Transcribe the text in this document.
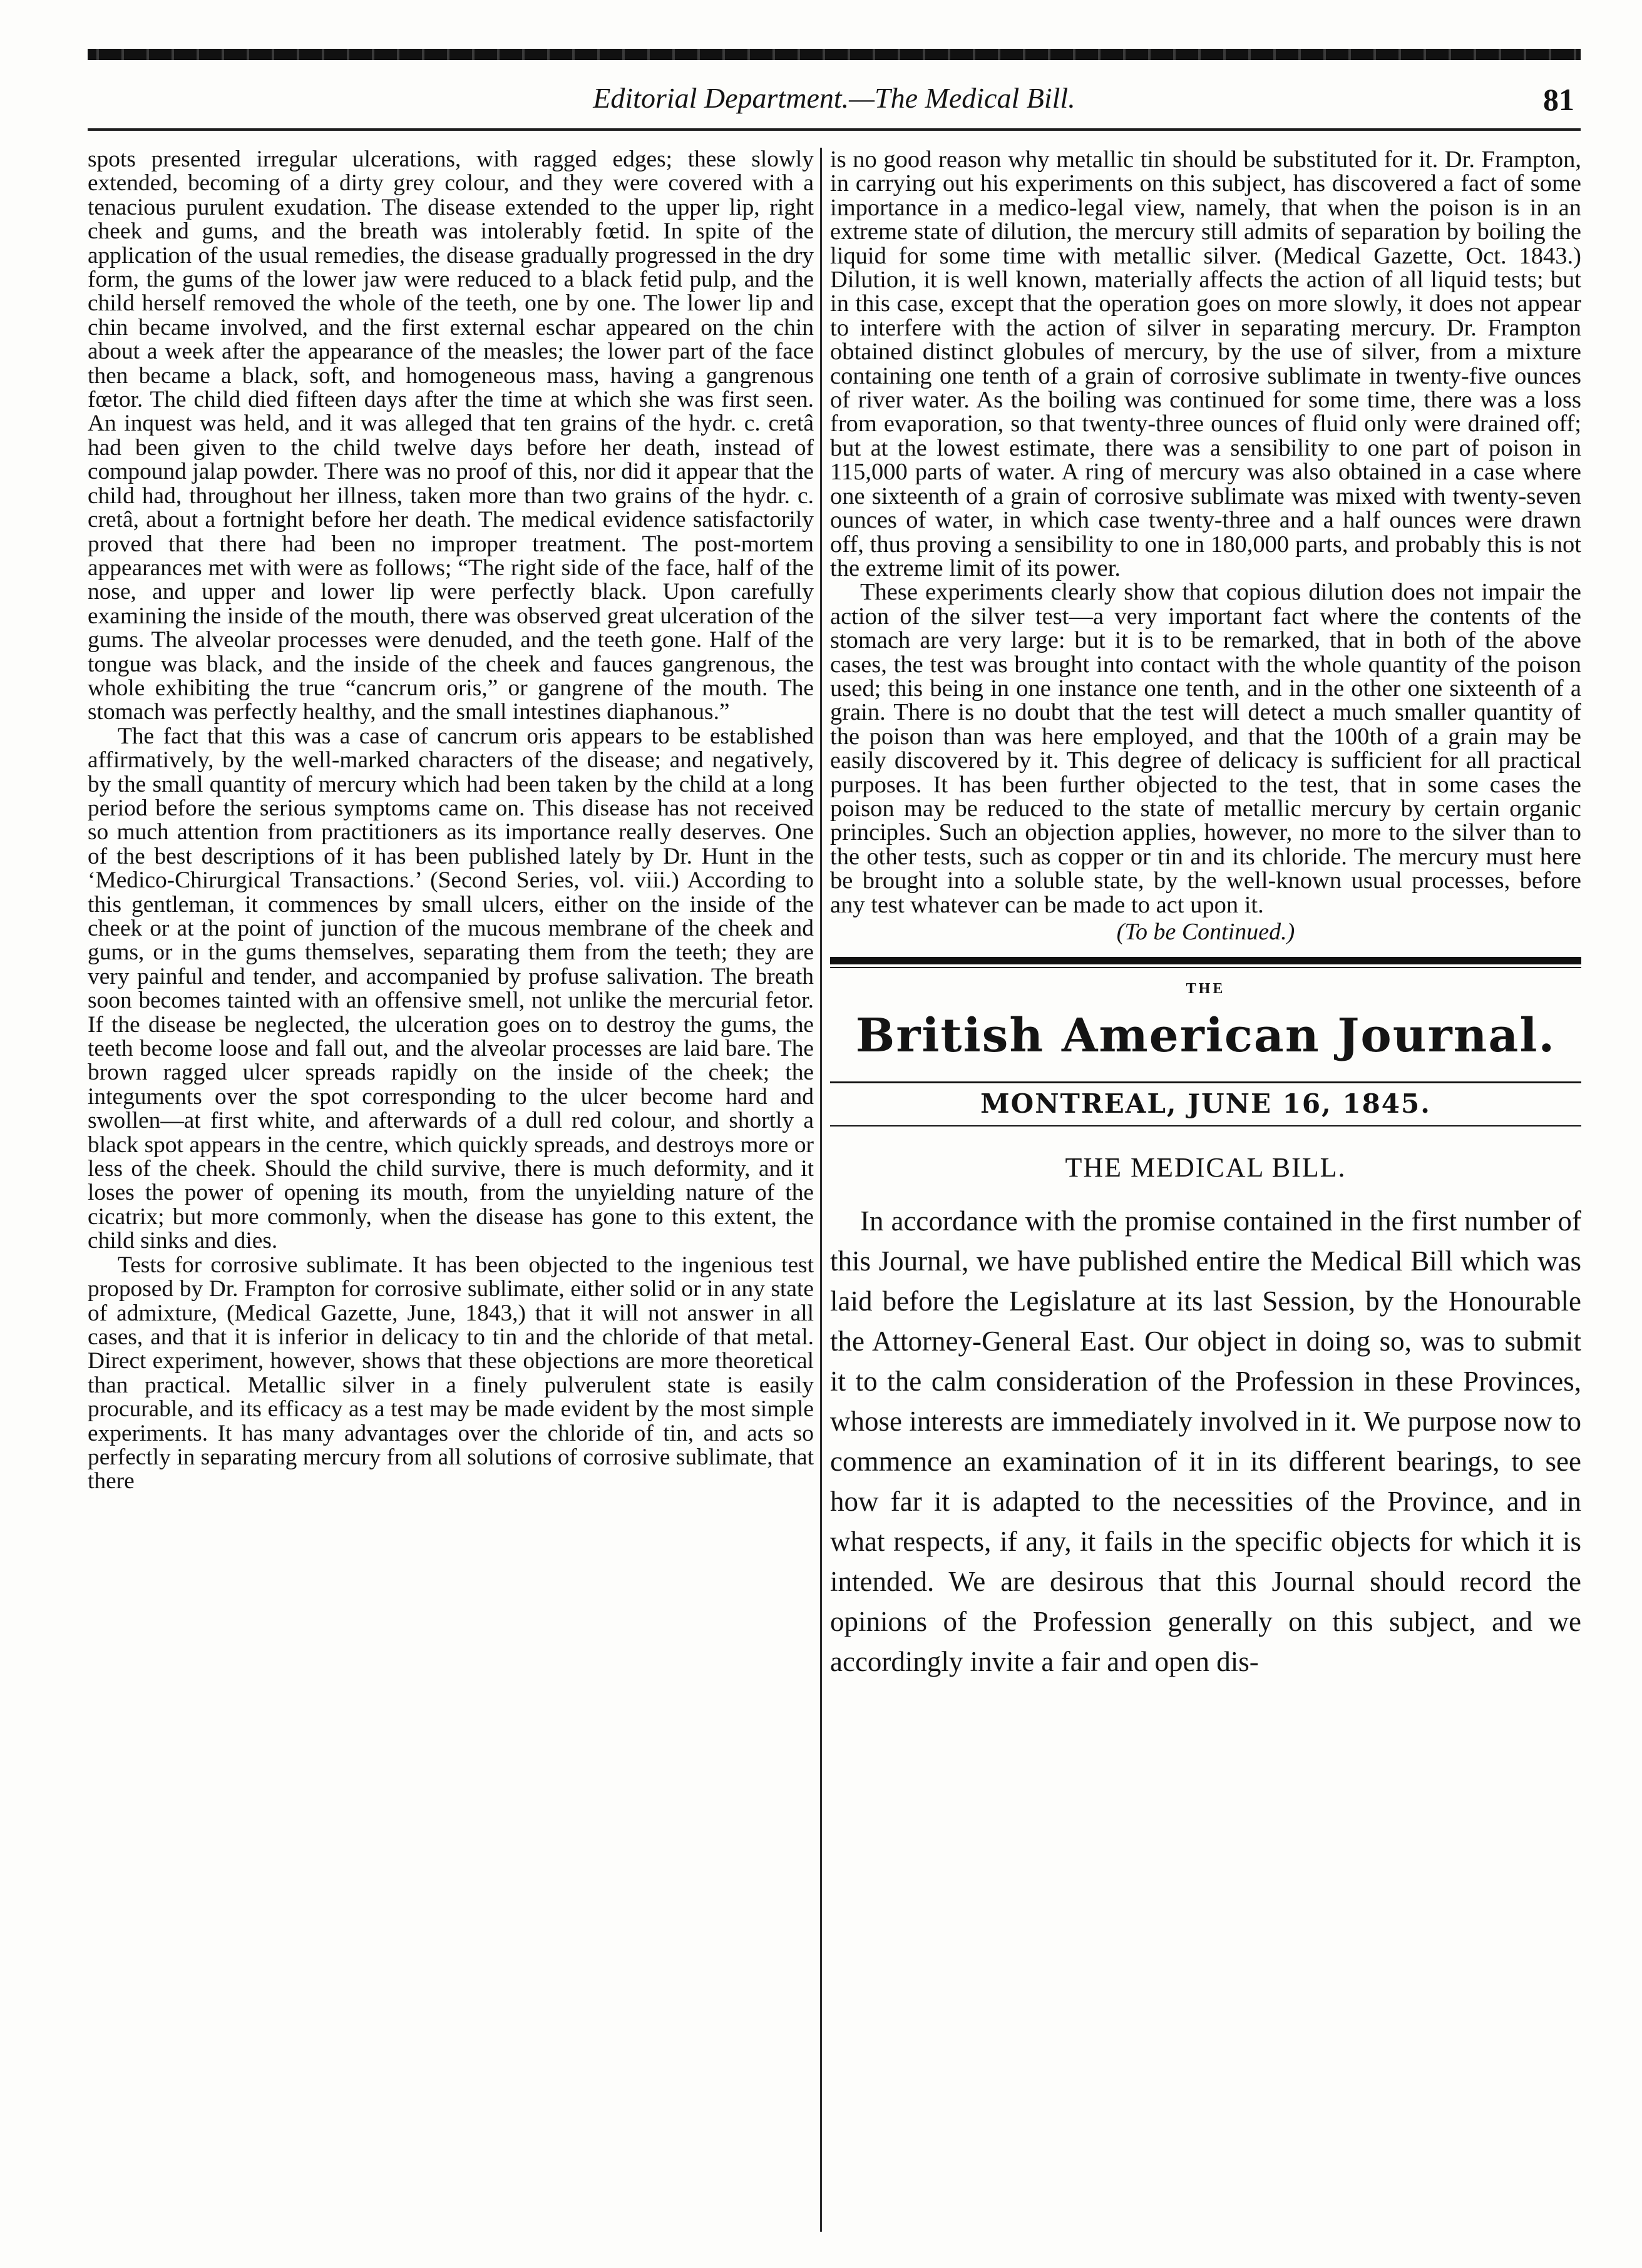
Editorial Department.—The Medical Bill.	81

spots presented irregular ulcerations, with ragged edges; these slowly extended, becoming of a dirty grey colour, and they were covered with a tenacious purulent exudation. The disease extended to the upper lip, right cheek and gums, and the breath was intolerably fœtid. In spite of the application of the usual remedies, the disease gradually progressed in the dry form, the gums of the lower jaw were reduced to a black fetid pulp, and the child herself removed the whole of the teeth, one by one. The lower lip and chin became involved, and the first external eschar appeared on the chin about a week after the appearance of the measles; the lower part of the face then became a black, soft, and homogeneous mass, having a gangrenous fœtor. The child died fifteen days after the time at which she was first seen. An inquest was held, and it was alleged that ten grains of the hydr. c. cretâ had been given to the child twelve days before her death, instead of compound jalap powder. There was no proof of this, nor did it appear that the child had, throughout her illness, taken more than two grains of the hydr. c. cretâ, about a fortnight before her death. The medical evidence satisfactorily proved that there had been no improper treatment. The post-mortem appearances met with were as follows; “The right side of the face, half of the nose, and upper and lower lip were perfectly black. Upon carefully examining the inside of the mouth, there was observed great ulceration of the gums. The alveolar processes were denuded, and the teeth gone. Half of the tongue was black, and the inside of the cheek and fauces gangrenous, the whole exhibiting the true “cancrum oris,” or gangrene of the mouth. The stomach was perfectly healthy, and the small intestines diaphanous.”

The fact that this was a case of cancrum oris appears to be established affirmatively, by the well-marked characters of the disease; and negatively, by the small quantity of mercury which had been taken by the child at a long period before the serious symptoms came on. This disease has not received so much attention from practitioners as its importance really deserves. One of the best descriptions of it has been published lately by Dr. Hunt in the ‘Medico-Chirurgical Transactions.’ (Second Series, vol. viii.) According to this gentleman, it commences by small ulcers, either on the inside of the cheek or at the point of junction of the mucous membrane of the cheek and gums, or in the gums themselves, separating them from the teeth; they are very painful and tender, and accompanied by profuse salivation. The breath soon becomes tainted with an offensive smell, not unlike the mercurial fetor. If the disease be neglected, the ulceration goes on to destroy the gums, the teeth become loose and fall out, and the alveolar processes are laid bare. The brown ragged ulcer spreads rapidly on the inside of the cheek; the integuments over the spot corresponding to the ulcer become hard and swollen—at first white, and afterwards of a dull red colour, and shortly a black spot appears in the centre, which quickly spreads, and destroys more or less of the cheek. Should the child survive, there is much deformity, and it loses the power of opening its mouth, from the unyielding nature of the cicatrix; but more commonly, when the disease has gone to this extent, the child sinks and dies.

Tests for corrosive sublimate. It has been objected to the ingenious test proposed by Dr. Frampton for corrosive sublimate, either solid or in any state of admixture, (Medical Gazette, June, 1843,) that it will not answer in all cases, and that it is inferior in delicacy to tin and the chloride of that metal. Direct experiment, however, shows that these objections are more theoretical than practical. Metallic silver in a finely pulverulent state is easily procurable, and its efficacy as a test may be made evident by the most simple experiments. It has many advantages over the chloride of tin, and acts so perfectly in separating mercury from all solutions of corrosive sublimate, that there

is no good reason why metallic tin should be substituted for it. Dr. Frampton, in carrying out his experiments on this subject, has discovered a fact of some importance in a medico-legal view, namely, that when the poison is in an extreme state of dilution, the mercury still admits of separation by boiling the liquid for some time with metallic silver. (Medical Gazette, Oct. 1843.) Dilution, it is well known, materially affects the action of all liquid tests; but in this case, except that the operation goes on more slowly, it does not appear to interfere with the action of silver in separating mercury. Dr. Frampton obtained distinct globules of mercury, by the use of silver, from a mixture containing one tenth of a grain of corrosive sublimate in twenty-five ounces of river water. As the boiling was continued for some time, there was a loss from evaporation, so that twenty-three ounces of fluid only were drained off; but at the lowest estimate, there was a sensibility to one part of poison in 115,000 parts of water. A ring of mercury was also obtained in a case where one sixteenth of a grain of corrosive sublimate was mixed with twenty-seven ounces of water, in which case twenty-three and a half ounces were drawn off, thus proving a sensibility to one in 180,000 parts, and probably this is not the extreme limit of its power.

These experiments clearly show that copious dilution does not impair the action of the silver test—a very important fact where the contents of the stomach are very large: but it is to be remarked, that in both of the above cases, the test was brought into contact with the whole quantity of the poison used; this being in one instance one tenth, and in the other one sixteenth of a grain. There is no doubt that the test will detect a much smaller quantity of the poison than was here employed, and that the 100th of a grain may be easily discovered by it. This degree of delicacy is sufficient for all practical purposes. It has been further objected to the test, that in some cases the poison may be reduced to the state of metallic mercury by certain organic principles. Such an objection applies, however, no more to the silver than to the other tests, such as copper or tin and its chloride. The mercury must here be brought into a soluble state, by the well-known usual processes, before any test whatever can be made to act upon it.

(To be Continued.)

THE
British American Journal.
MONTREAL, JUNE 16, 1845.
THE MEDICAL BILL.

In accordance with the promise contained in the first number of this Journal, we have published entire the Medical Bill which was laid before the Legislature at its last Session, by the Honourable the Attorney-General East. Our object in doing so, was to submit it to the calm consideration of the Profession in these Provinces, whose interests are immediately involved in it. We purpose now to commence an examination of it in its different bearings, to see how far it is adapted to the necessities of the Province, and in what respects, if any, it fails in the specific objects for which it is intended. We are desirous that this Journal should record the opinions of the Profession generally on this subject, and we accordingly invite a fair and open dis-
